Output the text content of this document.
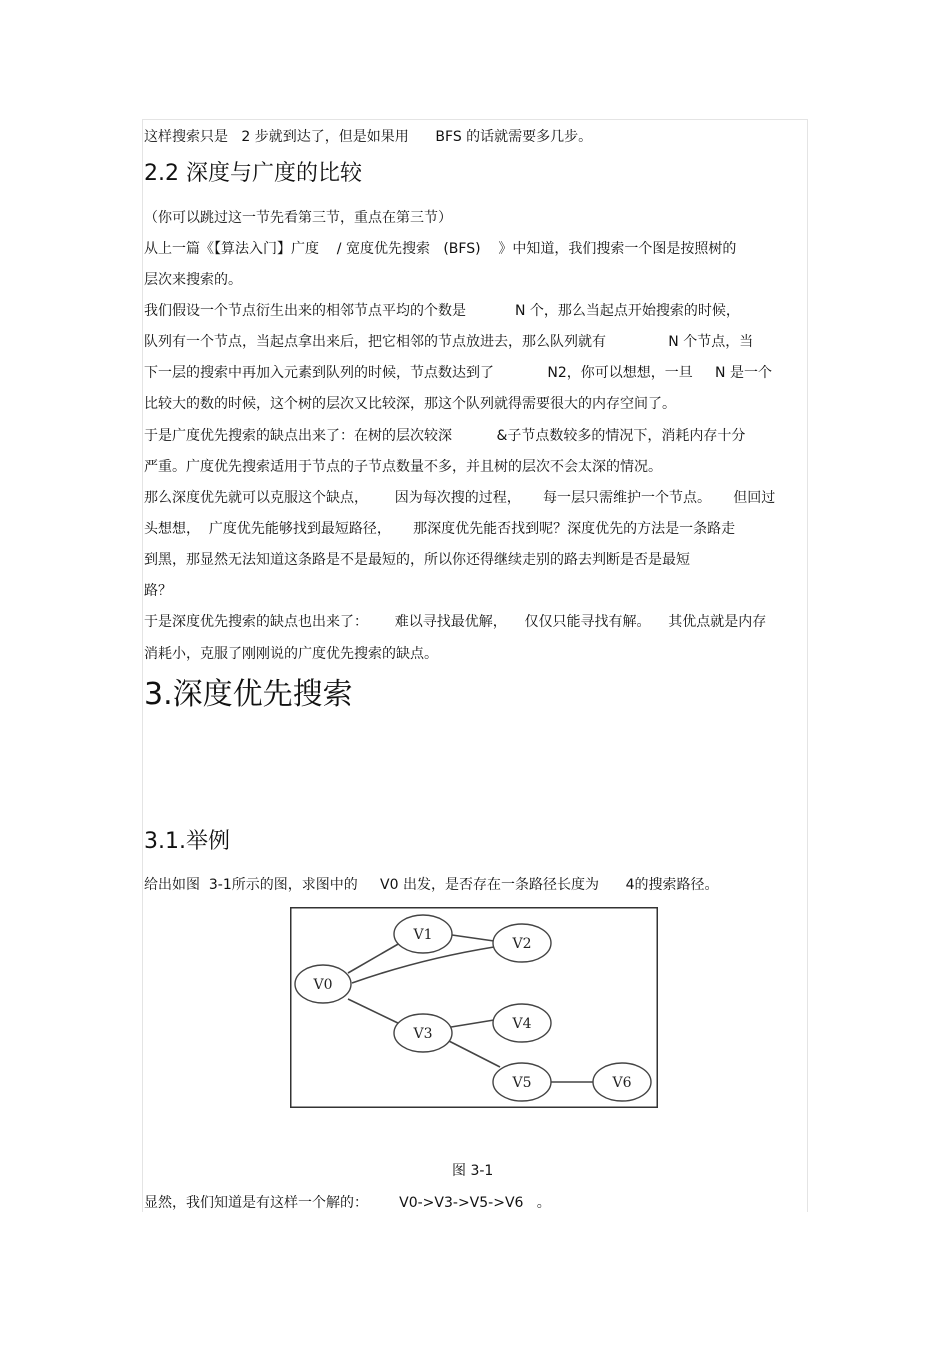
这样搜索只是   2 步就到达了，但是如果用      BFS 的话就需要多几步。
2.2 深度与广度的比较
（你可以跳过这一节先看第三节，重点在第三节）
从上一篇《【算法入门】广度    / 宽度优先搜索   (BFS)    》中知道，我们搜索一个图是按照树的
层次来搜索的。
我们假设一个节点衍生出来的相邻节点平均的个数是           N 个，那么当起点开始搜索的时候，
队列有一个节点，当起点拿出来后，把它相邻的节点放进去，那么队列就有              N 个节点，当
下一层的搜索中再加入元素到队列的时候，节点数达到了            N2，你可以想想，一旦     N 是一个
比较大的数的时候，这个树的层次又比较深，那这个队列就得需要很大的内存空间了。
于是广度优先搜索的缺点出来了：在树的层次较深          &子节点数较多的情况下，消耗内存十分
严重。广度优先搜索适用于节点的子节点数量不多，并且树的层次不会太深的情况。
那么深度优先就可以克服这个缺点，      因为每次搜的过程，     每一层只需维护一个节点。     但回过
头想想，  广度优先能够找到最短路径，     那深度优先能否找到呢？深度优先的方法是一条路走
到黑，那显然无法知道这条路是不是最短的，所以你还得继续走别的路去判断是否是最短
路？
于是深度优先搜索的缺点也出来了：      难以寻找最优解，    仅仅只能寻找有解。    其优点就是内存
消耗小，克服了刚刚说的广度优先搜索的缺点。
3.深度优先搜索
3.1.举例
给出如图  3-1所示的图，求图中的     V0 出发，是否存在一条路径长度为      4的搜索路径。
V0
V1
V2
V3
V4
V5	V6
图 3-1
显然，我们知道是有这样一个解的：       V0->V3->V5->V6   。
